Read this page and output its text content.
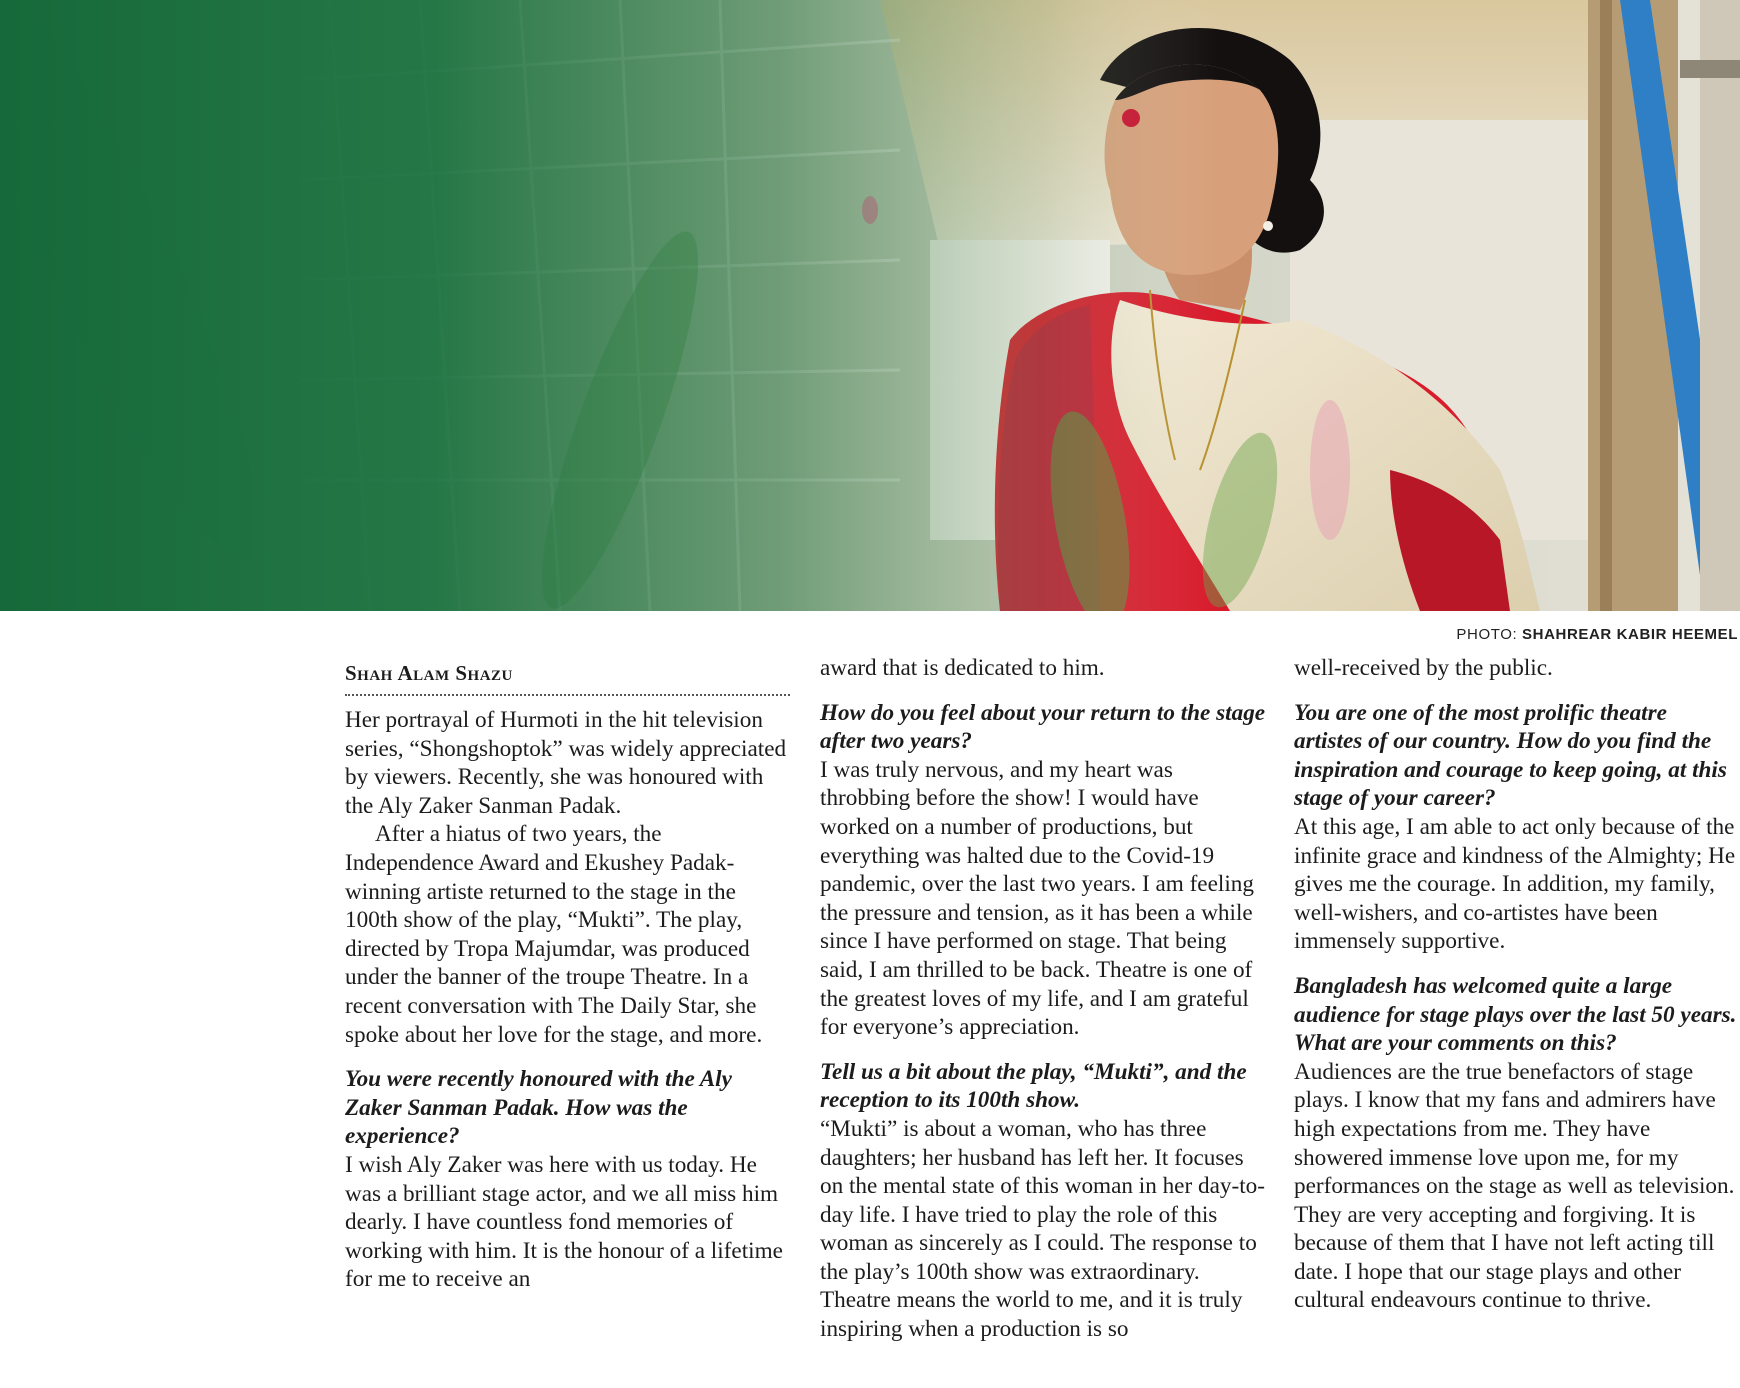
PHOTO: SHAHREAR KABIR HEEMEL
Shah Alam Shazu

Her portrayal of Hurmoti in the hit television series, “Shongshoptok” was widely appreciated by viewers. Recently, she was honoured with the Aly Zaker Sanman Padak.

After a hiatus of two years, the Independence Award and Ekushey Padak-winning artiste returned to the stage in the 100th show of the play, “Mukti”. The play, directed by Tropa Majumdar, was produced under the banner of the troupe Theatre. In a recent conversation with The Daily Star, she spoke about her love for the stage, and more.

You were recently honoured with the Aly Zaker Sanman Padak. How was the experience?

I wish Aly Zaker was here with us today. He was a brilliant stage actor, and we all miss him dearly. I have countless fond memories of working with him. It is the honour of a lifetime for me to receive an

award that is dedicated to him.

How do you feel about your return to the stage after two years?

I was truly nervous, and my heart was throbbing before the show! I would have worked on a number of productions, but everything was halted due to the Covid-19 pandemic, over the last two years. I am feeling the pressure and tension, as it has been a while since I have performed on stage. That being said, I am thrilled to be back. Theatre is one of the greatest loves of my life, and I am grateful for everyone’s appreciation.

Tell us a bit about the play, “Mukti”, and the reception to its 100th show.

“Mukti” is about a woman, who has three daughters; her husband has left her. It focuses on the mental state of this woman in her day-to-day life. I have tried to play the role of this woman as sincerely as I could. The response to the play’s 100th show was extraordinary. Theatre means the world to me, and it is truly inspiring when a production is so

well-received by the public.

You are one of the most prolific theatre artistes of our country. How do you find the inspiration and courage to keep going, at this stage of your career?

At this age, I am able to act only because of the infinite grace and kindness of the Almighty; He gives me the courage. In addition, my family, well-wishers, and co-artistes have been immensely supportive.

Bangladesh has welcomed quite a large audience for stage plays over the last 50 years. What are your comments on this?

Audiences are the true benefactors of stage plays. I know that my fans and admirers have high expectations from me. They have showered immense love upon me, for my performances on the stage as well as television. They are very accepting and forgiving. It is because of them that I have not left acting till date. I hope that our stage plays and other cultural endeavours continue to thrive.
